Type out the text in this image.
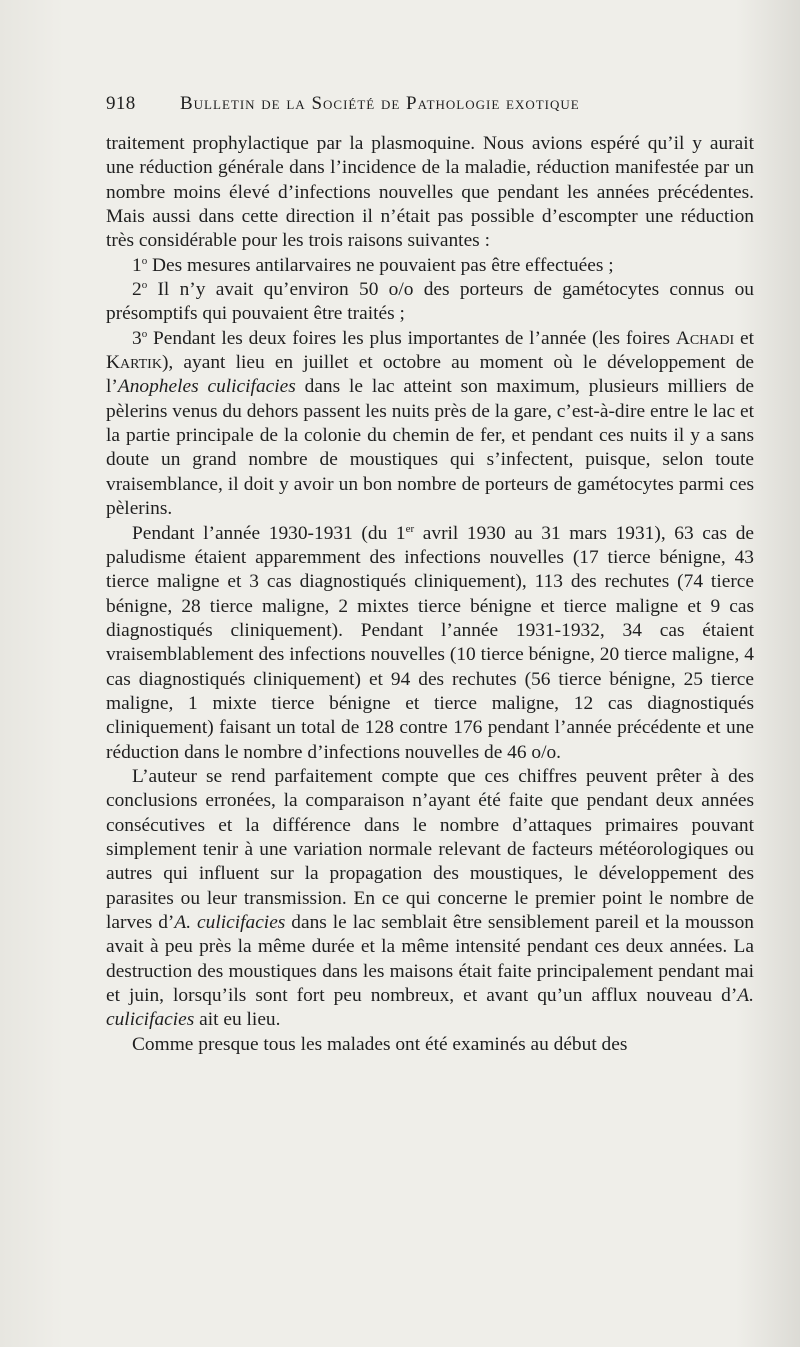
918 Bulletin de la Société de Pathologie exotique

traitement prophylactique par la plasmoquine. Nous avions espéré qu’il y aurait une réduction générale dans l’incidence de la maladie, réduction manifestée par un nombre moins élevé d’infections nouvelles que pendant les années précédentes. Mais aussi dans cette direction il n’était pas possible d’escompter une réduction très considérable pour les trois raisons suivantes :

1$^o$ Des mesures antilarvaires ne pouvaient pas être effectuées ;

2$^o$ Il n’y avait qu’environ 50 o/o des porteurs de gamétocytes connus ou présomptifs qui pouvaient être traités ;

3$^o$ Pendant les deux foires les plus importantes de l’année (les foires Achadi et Kartik), ayant lieu en juillet et octobre au moment où le développement de l’Anopheles culicifacies dans le lac atteint son maximum, plusieurs milliers de pèlerins venus du dehors passent les nuits près de la gare, c’est-à-dire entre le lac et la partie principale de la colonie du chemin de fer, et pendant ces nuits il y a sans doute un grand nombre de moustiques qui s’infectent, puisque, selon toute vraisemblance, il doit y avoir un bon nombre de porteurs de gamétocytes parmi ces pèlerins.

Pendant l’année 1930-1931 (du 1er avril 1930 au 31 mars 1931), 63 cas de paludisme étaient apparemment des infections nouvelles (17 tierce bénigne, 43 tierce maligne et 3 cas diagnostiqués cliniquement), 113 des rechutes (74 tierce bénigne, 28 tierce maligne, 2 mixtes tierce bénigne et tierce maligne et 9 cas diagnostiqués cliniquement). Pendant l’année 1931-1932, 34 cas étaient vraisemblablement des infections nouvelles (10 tierce bénigne, 20 tierce maligne, 4 cas diagnostiqués cliniquement) et 94 des rechutes (56 tierce bénigne, 25 tierce maligne, 1 mixte tierce bénigne et tierce maligne, 12 cas diagnostiqués cliniquement) faisant un total de 128 contre 176 pendant l’année précédente et une réduction dans le nombre d’infections nouvelles de 46 o/o.

L’auteur se rend parfaitement compte que ces chiffres peuvent prêter à des conclusions erronées, la comparaison n’ayant été faite que pendant deux années consécutives et la différence dans le nombre d’attaques primaires pouvant simplement tenir à une variation normale relevant de facteurs météorologiques ou autres qui influent sur la propagation des moustiques, le développement des parasites ou leur transmission. En ce qui concerne le premier point le nombre de larves d’A. culicifacies dans le lac semblait être sensiblement pareil et la mousson avait à peu près la même durée et la même intensité pendant ces deux années. La destruction des moustiques dans les maisons était faite principalement pendant mai et juin, lorsqu’ils sont fort peu nombreux, et avant qu’un afflux nouveau d’A. culicifacies ait eu lieu.

Comme presque tous les malades ont été examinés au début des
